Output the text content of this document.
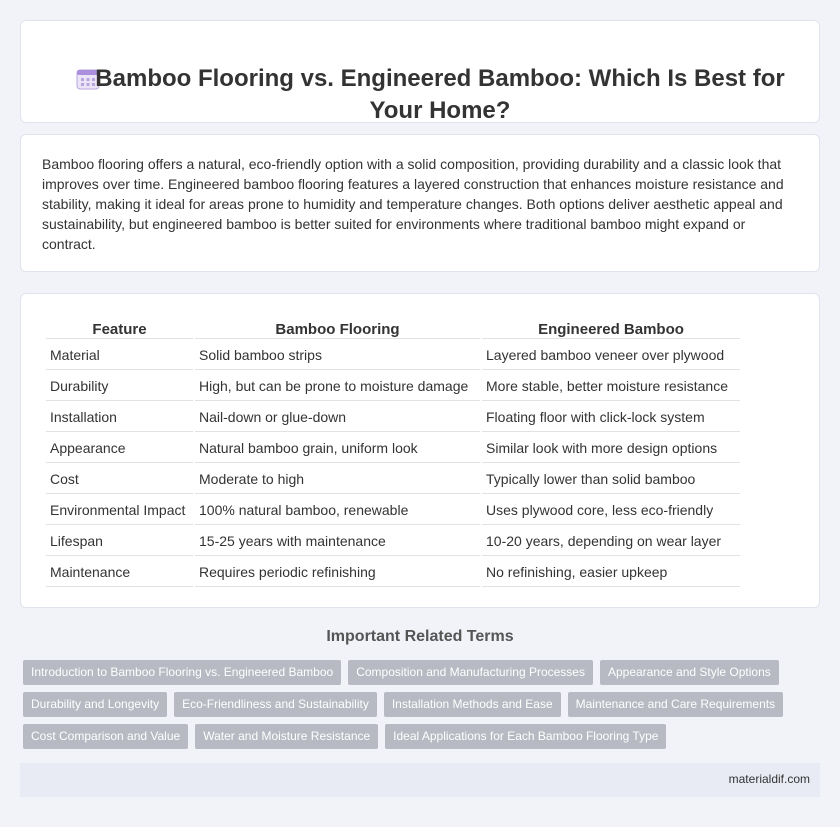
Bamboo Flooring vs. Engineered Bamboo: Which Is Best for Your Home?

Bamboo flooring offers a natural, eco-friendly option with a solid composition, providing durability and a classic look that improves over time. Engineered bamboo flooring features a layered construction that enhances moisture resistance and stability, making it ideal for areas prone to humidity and temperature changes. Both options deliver aesthetic appeal and sustainability, but engineered bamboo is better suited for environments where traditional bamboo might expand or contract.

Feature	Bamboo Flooring	Engineered Bamboo
Material	Solid bamboo strips	Layered bamboo veneer over plywood
Durability	High, but can be prone to moisture damage	More stable, better moisture resistance
Installation	Nail-down or glue-down	Floating floor with click-lock system
Appearance	Natural bamboo grain, uniform look	Similar look with more design options
Cost	Moderate to high	Typically lower than solid bamboo
Environmental Impact	100% natural bamboo, renewable	Uses plywood core, less eco-friendly
Lifespan	15-25 years with maintenance	10-20 years, depending on wear layer
Maintenance	Requires periodic refinishing	No refinishing, easier upkeep
Important Related Terms
Introduction to Bamboo Flooring vs. Engineered Bamboo	Composition and Manufacturing Processes	Appearance and Style Options
Durability and Longevity	Eco-Friendliness and Sustainability	Installation Methods and Ease	Maintenance and Care Requirements
Cost Comparison and Value	Water and Moisture Resistance	Ideal Applications for Each Bamboo Flooring Type
materialdif.com
